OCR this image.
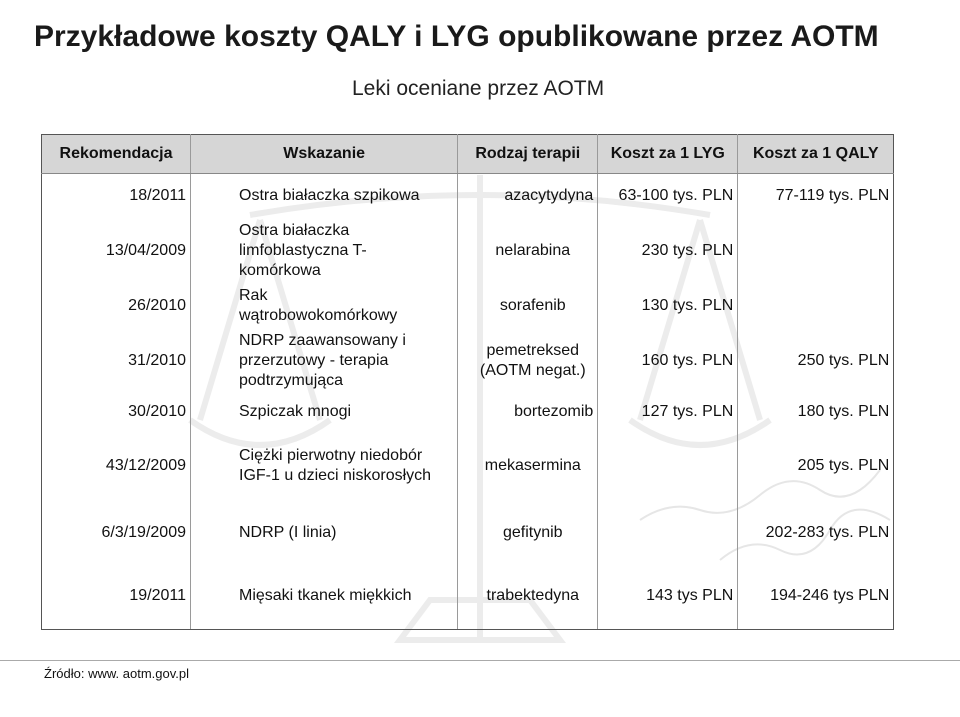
Przykładowe koszty QALY i LYG opublikowane przez AOTM
Leki oceniane przez AOTM
Rekomendacja	Wskazanie	Rodzaj terapii	Koszt za 1 LYG	Koszt za 1 QALY
18/2011	Ostra białaczka szpikowa	azacytydyna	63-100 tys. PLN	77-119 tys. PLN
13/04/2009	Ostra białaczka limfoblastyczna T-komórkowa	nelarabina	230 tys. PLN	
26/2010	Rak wątrobowokomórkowy	sorafenib	130 tys. PLN	
31/2010	NDRP zaawansowany i przerzutowy - terapia podtrzymująca	pemetreksed (AOTM negat.)	160 tys. PLN	250 tys. PLN
30/2010	Szpiczak mnogi	bortezomib	127 tys. PLN	180 tys. PLN
43/12/2009	Ciężki pierwotny niedobór IGF-1 u dzieci niskorosłych	mekasermina		205 tys. PLN
6/3/19/2009	NDRP (I linia)	gefitynib		202-283 tys. PLN
19/2011	Mięsaki tkanek miękkich	trabektedyna	143 tys PLN	194-246 tys PLN
Źródło: www. aotm.gov.pl
